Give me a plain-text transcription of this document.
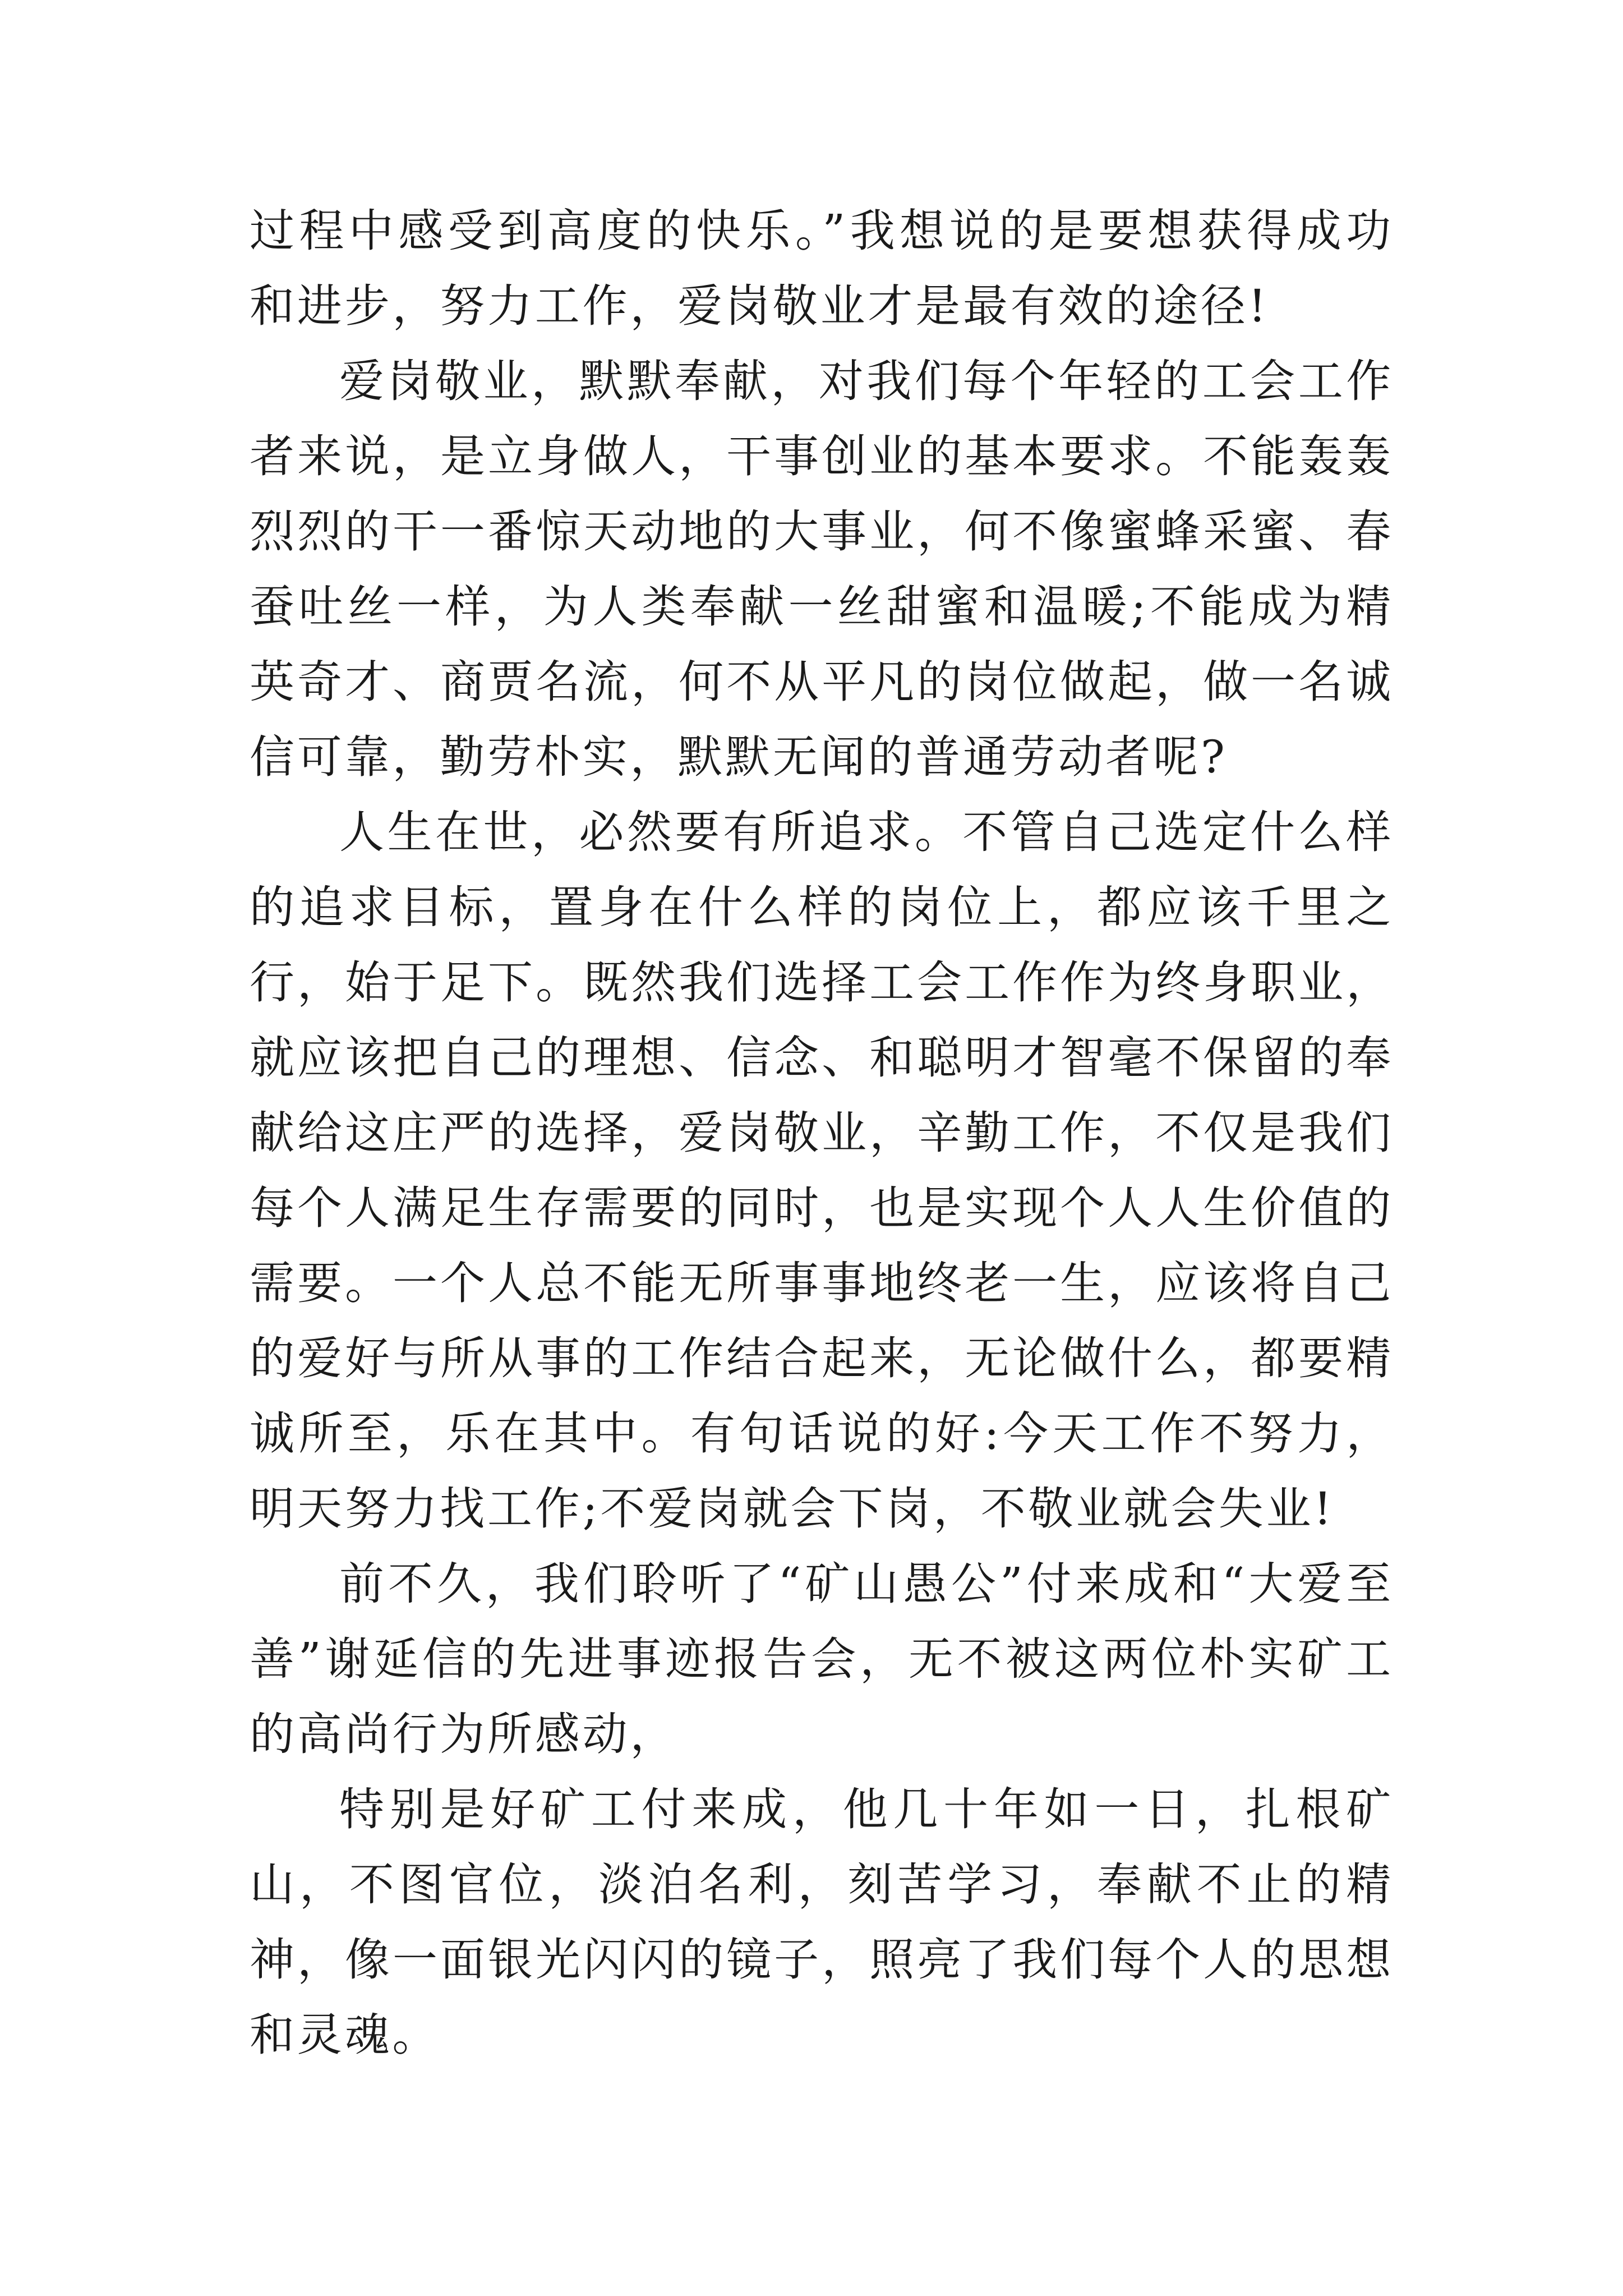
过程中感受到高度的快乐。”我想说的是要想获得成功和进步，努力工作，爱岗敬业才是最有效的途径!

爱岗敬业，默默奉献，对我们每个年轻的工会工作者来说，是立身做人，干事创业的基本要求。不能轰轰烈烈的干一番惊天动地的大事业，何不像蜜蜂采蜜、春蚕吐丝一样，为人类奉献一丝甜蜜和温暖;不能成为精英奇才、商贾名流，何不从平凡的岗位做起，做一名诚信可靠，勤劳朴实，默默无闻的普通劳动者呢?

人生在世，必然要有所追求。不管自己选定什么样的追求目标，置身在什么样的岗位上，都应该千里之行，始于足下。既然我们选择工会工作作为终身职业，就应该把自己的理想、信念、和聪明才智毫不保留的奉献给这庄严的选择，爱岗敬业，辛勤工作，不仅是我们每个人满足生存需要的同时，也是实现个人人生价值的需要。一个人总不能无所事事地终老一生，应该将自己的爱好与所从事的工作结合起来，无论做什么，都要精诚所至，乐在其中。有句话说的好:今天工作不努力，明天努力找工作;不爱岗就会下岗，不敬业就会失业!

前不久，我们聆听了“矿山愚公”付来成和“大爱至善”谢延信的先进事迹报告会，无不被这两位朴实矿工的高尚行为所感动，

特别是好矿工付来成，他几十年如一日，扎根矿山，不图官位，淡泊名利，刻苦学习，奉献不止的精神，像一面银光闪闪的镜子，照亮了我们每个人的思想和灵魂。
